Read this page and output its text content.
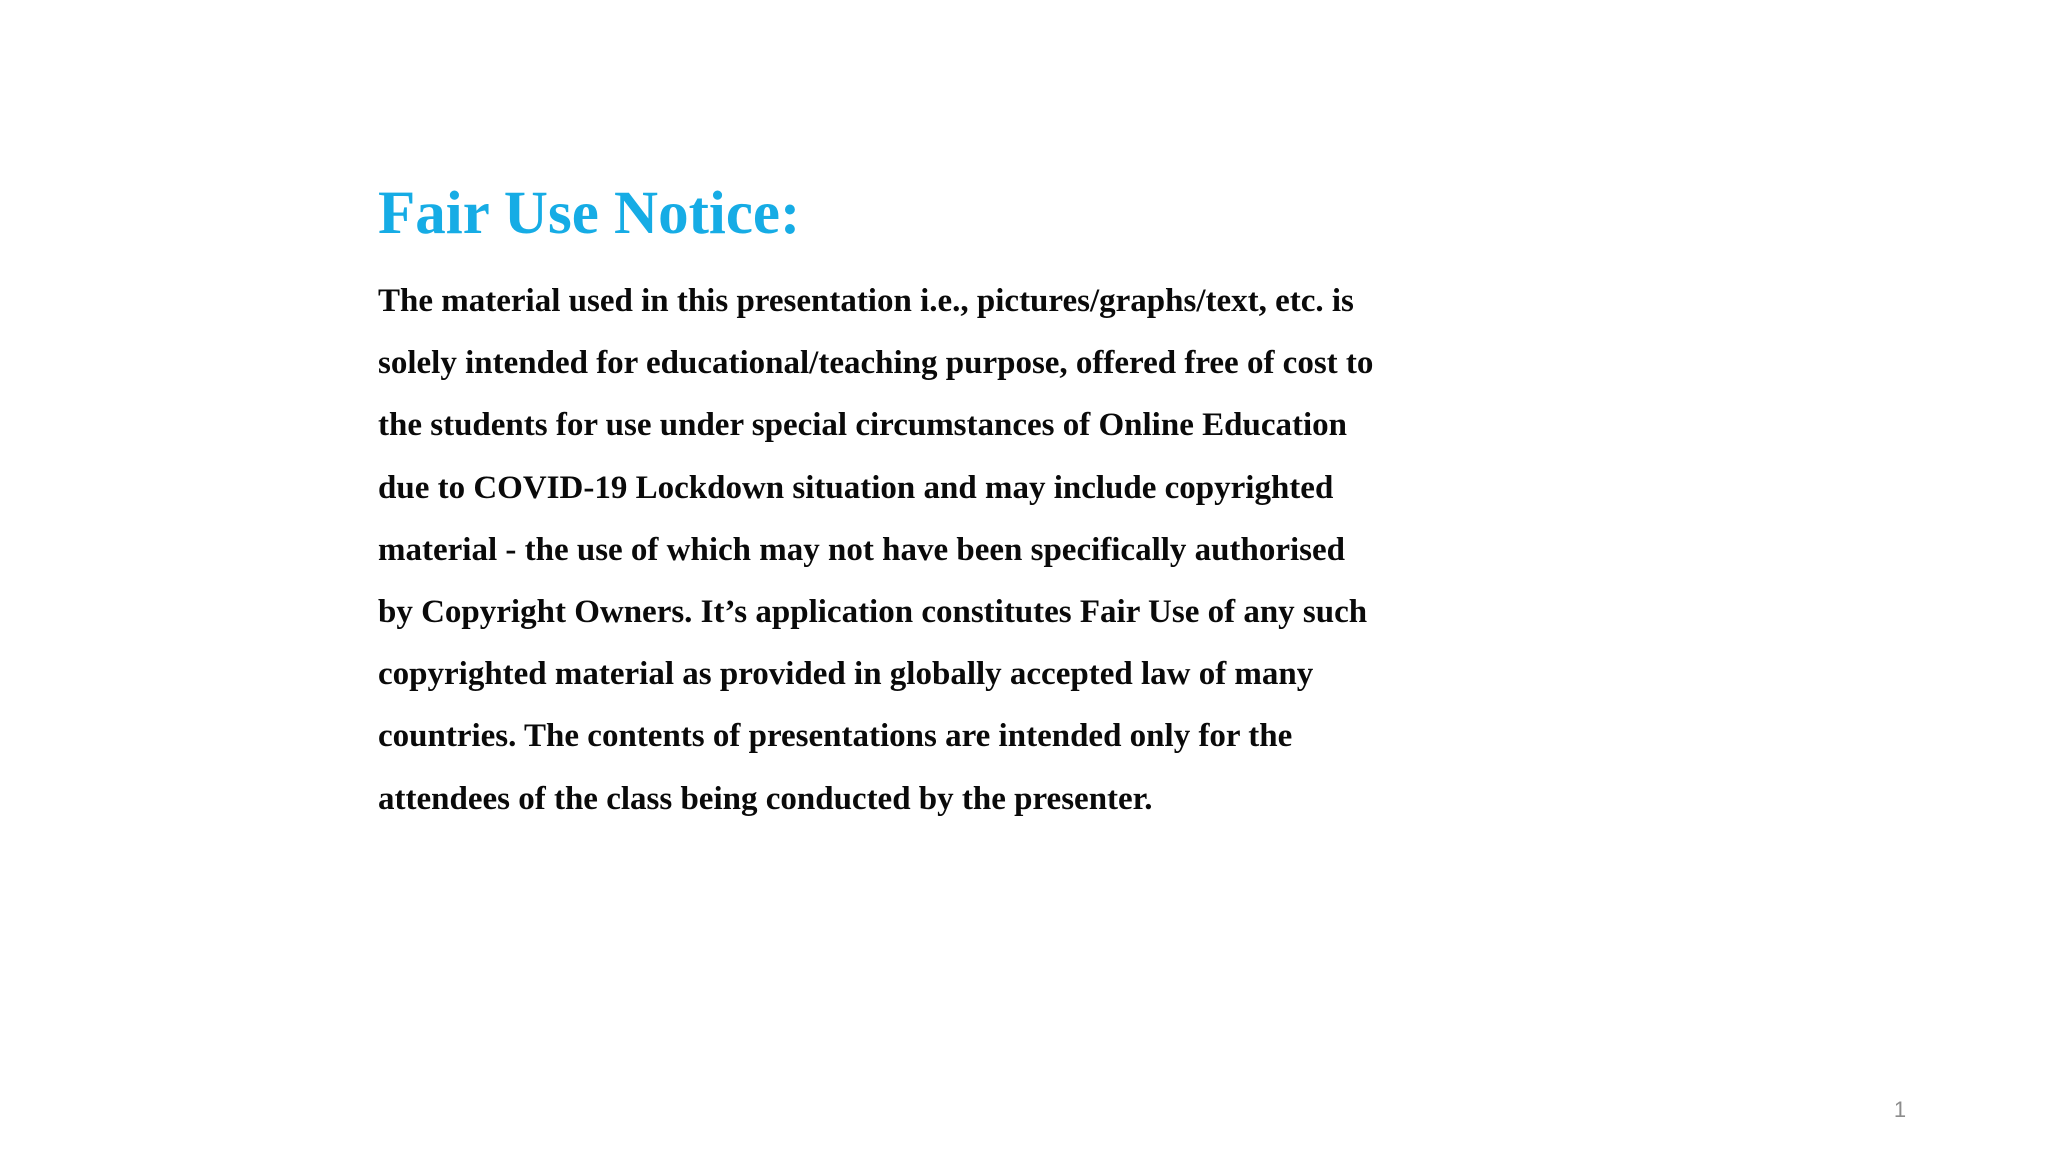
Fair Use Notice:
The material used in this presentation i.e., pictures/graphs/text, etc. is
solely intended for educational/teaching purpose, offered free of cost to
the students for use under special circumstances of Online Education
due to COVID-19 Lockdown situation and may include copyrighted
material - the use of which may not have been specifically authorised
by Copyright Owners. It’s application constitutes Fair Use of any such
copyrighted material as provided in globally accepted law of many
countries. The contents of presentations are intended only for the
attendees of the class being conducted by the presenter.
1
